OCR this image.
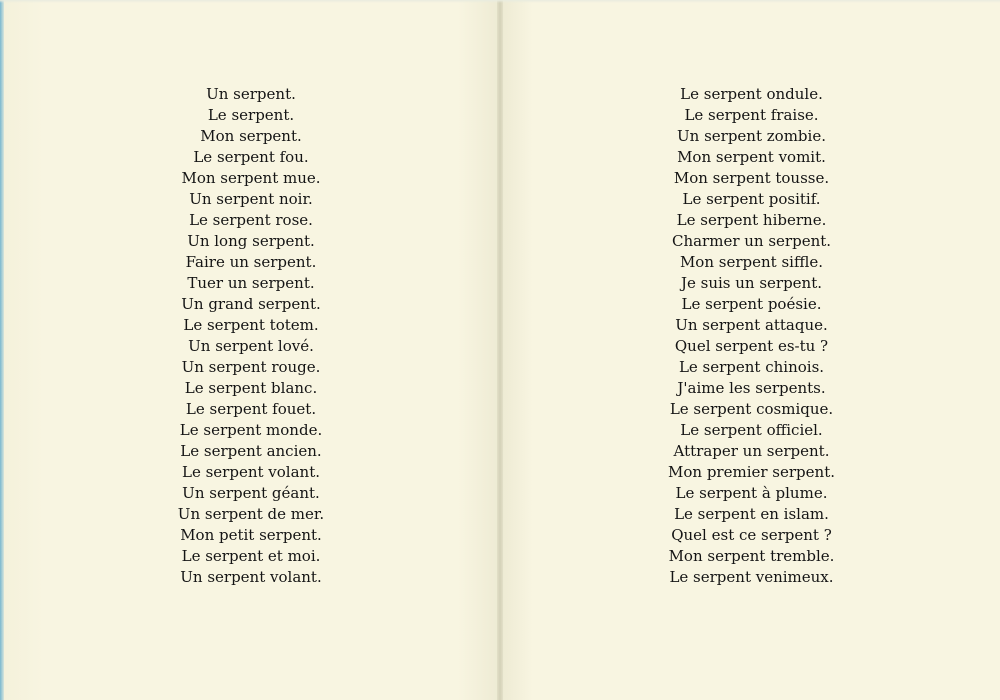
Un serpent.
Le serpent.
Mon serpent.
Le serpent fou.
Mon serpent mue.
Un serpent noir.
Le serpent rose.
Un long serpent.
Faire un serpent.
Tuer un serpent.
Un grand serpent.
Le serpent totem.
Un serpent lové.
Un serpent rouge.
Le serpent blanc.
Le serpent fouet.
Le serpent monde.
Le serpent ancien.
Le serpent volant.
Un serpent géant.
Un serpent de mer.
Mon petit serpent.
Le serpent et moi.
Un serpent volant.
Le serpent ondule.
Le serpent fraise.
Un serpent zombie.
Mon serpent vomit.
Mon serpent tousse.
Le serpent positif.
Le serpent hiberne.
Charmer un serpent.
Mon serpent siffle.
Je suis un serpent.
Le serpent poésie.
Un serpent attaque.
Quel serpent es-tu ?
Le serpent chinois.
J'aime les serpents.
Le serpent cosmique.
Le serpent officiel.
Attraper un serpent.
Mon premier serpent.
Le serpent à plume.
Le serpent en islam.
Quel est ce serpent ?
Mon serpent tremble.
Le serpent venimeux.
